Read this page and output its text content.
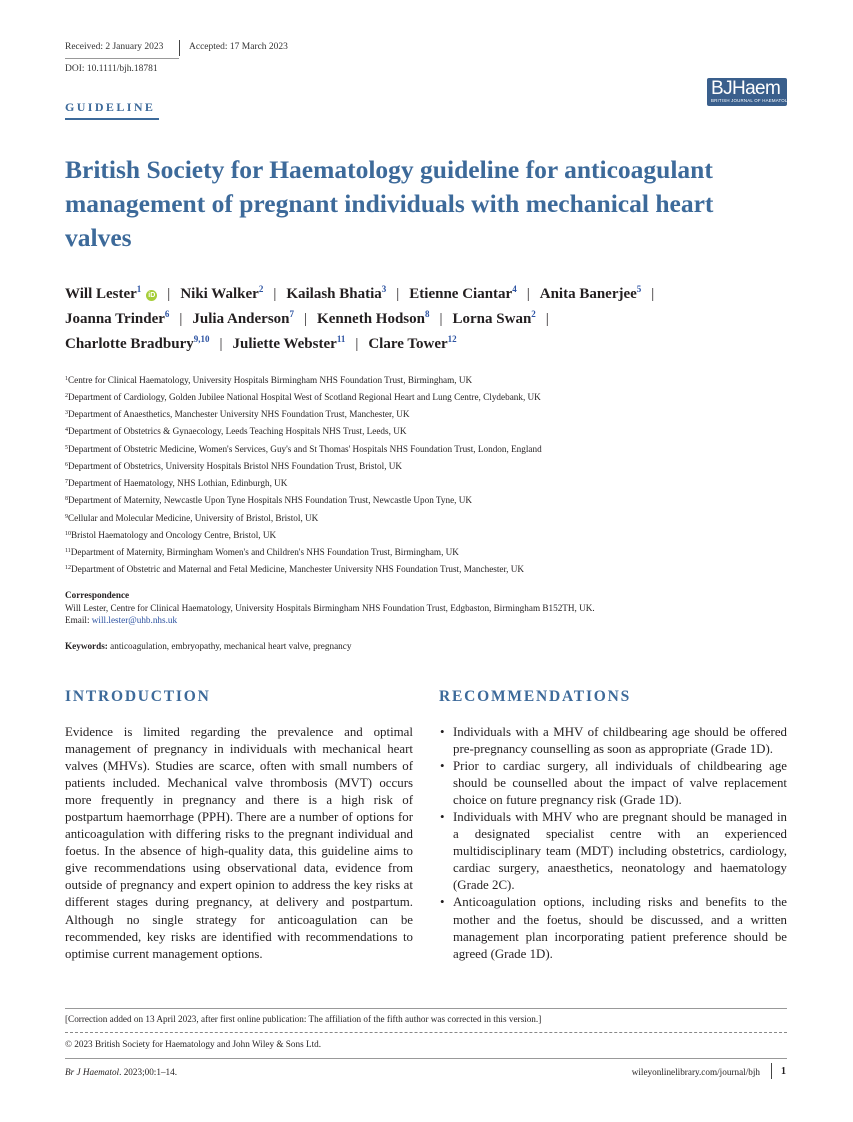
Received: 2 January 2023	Accepted: 17 March 2023
DOI: 10.1111/bjh.18781
GUIDELINE
BJHaem
BRITISH JOURNAL OF HAEMATOLOGY
British Society for Haematology guideline for anticoagulant management of pregnant individuals with mechanical heart valves
Will Lester$^1$iD | Niki Walker$^2$ | Kailash Bhatia$^3$ | Etienne Ciantar$^4$ | Anita Banerjee$^5$ |
Joanna Trinder$^6$ | Julia Anderson$^7$ | Kenneth Hodson$^8$ | Lorna Swan$^2$ |
Charlotte Bradbury$^{9,10}$ | Juliette Webster$^{11}$ | Clare Tower$^{12}$
$^1$Centre for Clinical Haematology, University Hospitals Birmingham NHS Foundation Trust, Birmingham, UK
$^2$Department of Cardiology, Golden Jubilee National Hospital West of Scotland Regional Heart and Lung Centre, Clydebank, UK
$^3$Department of Anaesthetics, Manchester University NHS Foundation Trust, Manchester, UK
$^4$Department of Obstetrics & Gynaecology, Leeds Teaching Hospitals NHS Trust, Leeds, UK
$^5$Department of Obstetric Medicine, Women's Services, Guy's and St Thomas' Hospitals NHS Foundation Trust, London, England
$^6$Department of Obstetrics, University Hospitals Bristol NHS Foundation Trust, Bristol, UK
$^7$Department of Haematology, NHS Lothian, Edinburgh, UK
$^8$Department of Maternity, Newcastle Upon Tyne Hospitals NHS Foundation Trust, Newcastle Upon Tyne, UK
$^9$Cellular and Molecular Medicine, University of Bristol, Bristol, UK
$^{10}$Bristol Haematology and Oncology Centre, Bristol, UK
$^{11}$Department of Maternity, Birmingham Women's and Children's NHS Foundation Trust, Birmingham, UK
$^{12}$Department of Obstetric and Maternal and Fetal Medicine, Manchester University NHS Foundation Trust, Manchester, UK
Correspondence
Will Lester, Centre for Clinical Haematology, University Hospitals Birmingham NHS Foundation Trust, Edgbaston, Birmingham B152TH, UK.
Email: will.lester@uhb.nhs.uk
Keywords: anticoagulation, embryopathy, mechanical heart valve, pregnancy
INTRODUCTION
Evidence is limited regarding the prevalence and optimal management of pregnancy in individuals with mechanical heart valves (MHVs). Studies are scarce, often with small numbers of patients included. Mechanical valve thrombosis (MVT) occurs more frequently in pregnancy and there is a high risk of postpartum haemorrhage (PPH). There are a number of options for anticoagulation with differing risks to the pregnant individual and foetus. In the absence of high-quality data, this guideline aims to give recommendations using observational data, evidence from outside of pregnancy and expert opinion to address the key risks at different stages during pregnancy, at delivery and postpartum. Although no single strategy for anticoagulation can be recommended, key risks are identified with recommendations to optimise current management options.
RECOMMENDATIONS
• Individuals with a MHV of childbearing age should be offered pre-pregnancy counselling as soon as appropriate (Grade 1D).
• Prior to cardiac surgery, all individuals of childbearing age should be counselled about the impact of valve replacement choice on future pregnancy risk (Grade 1D).
• Individuals with MHV who are pregnant should be managed in a designated specialist centre with an experienced multidisciplinary team (MDT) including obstetrics, cardiology, cardiac surgery, anaesthetics, neonatology and haematology (Grade 2C).
• Anticoagulation options, including risks and benefits to the mother and the foetus, should be discussed, and a written management plan incorporating patient preference should be agreed (Grade 1D).
[Correction added on 13 April 2023, after first online publication: The affiliation of the fifth author was corrected in this version.]
© 2023 British Society for Haematology and John Wiley & Sons Ltd.
Br J Haematol. 2023;00:1–14.	wileyonlinelibrary.com/journal/bjh 1
